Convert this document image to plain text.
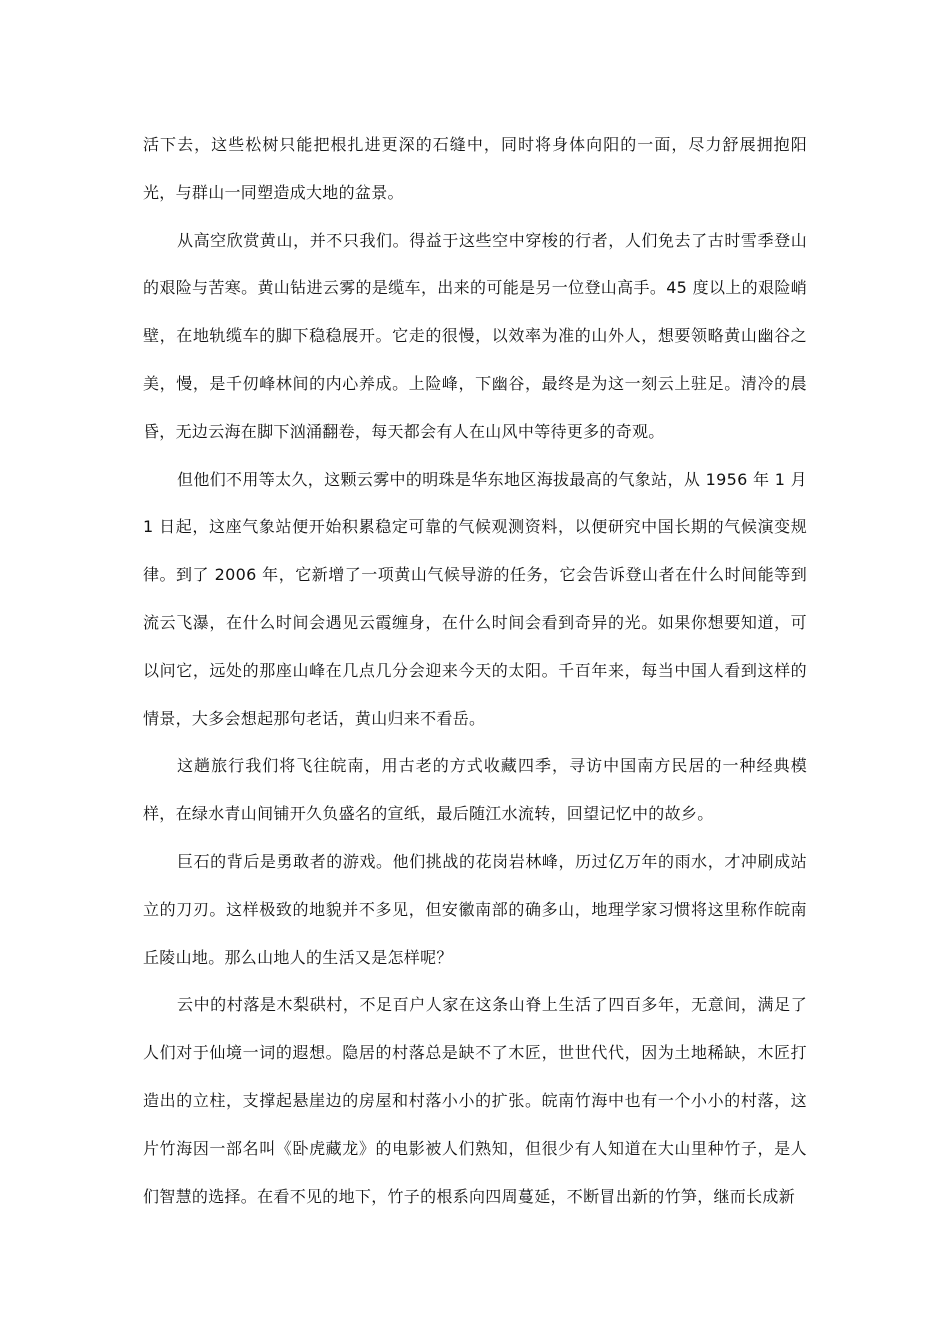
活下去，这些松树只能把根扎进更深的石缝中，同时将身体向阳的一面，尽力舒展拥抱阳光，与群山一同塑造成大地的盆景。

从高空欣赏黄山，并不只我们。得益于这些空中穿梭的行者，人们免去了古时雪季登山的艰险与苦寒。黄山钻进云雾的是缆车，出来的可能是另一位登山高手。45 度以上的艰险峭壁，在地轨缆车的脚下稳稳展开。它走的很慢，以效率为准的山外人，想要领略黄山幽谷之美，慢，是千仞峰林间的内心养成。上险峰，下幽谷，最终是为这一刻云上驻足。清冷的晨昏，无边云海在脚下汹涌翻卷，每天都会有人在山风中等待更多的奇观。

但他们不用等太久，这颗云雾中的明珠是华东地区海拔最高的气象站，从 1956 年 1 月 1 日起，这座气象站便开始积累稳定可靠的气候观测资料，以便研究中国长期的气候演变规律。到了 2006 年，它新增了一项黄山气候导游的任务，它会告诉登山者在什么时间能等到流云飞瀑，在什么时间会遇见云霞缠身，在什么时间会看到奇异的光。如果你想要知道，可以问它，远处的那座山峰在几点几分会迎来今天的太阳。千百年来，每当中国人看到这样的情景，大多会想起那句老话，黄山归来不看岳。

这趟旅行我们将飞往皖南，用古老的方式收藏四季，寻访中国南方民居的一种经典模样，在绿水青山间铺开久负盛名的宣纸，最后随江水流转，回望记忆中的故乡。

巨石的背后是勇敢者的游戏。他们挑战的花岗岩林峰，历过亿万年的雨水，才冲刷成站立的刀刃。这样极致的地貌并不多见，但安徽南部的确多山，地理学家习惯将这里称作皖南丘陵山地。那么山地人的生活又是怎样呢？

云中的村落是木梨硔村，不足百户人家在这条山脊上生活了四百多年，无意间，满足了人们对于仙境一词的遐想。隐居的村落总是缺不了木匠，世世代代，因为土地稀缺，木匠打造出的立柱，支撑起悬崖边的房屋和村落小小的扩张。皖南竹海中也有一个小小的村落，这片竹海因一部名叫《卧虎藏龙》的电影被人们熟知，但很少有人知道在大山里种竹子，是人们智慧的选择。在看不见的地下，竹子的根系向四周蔓延，不断冒出新的竹笋，继而长成新
